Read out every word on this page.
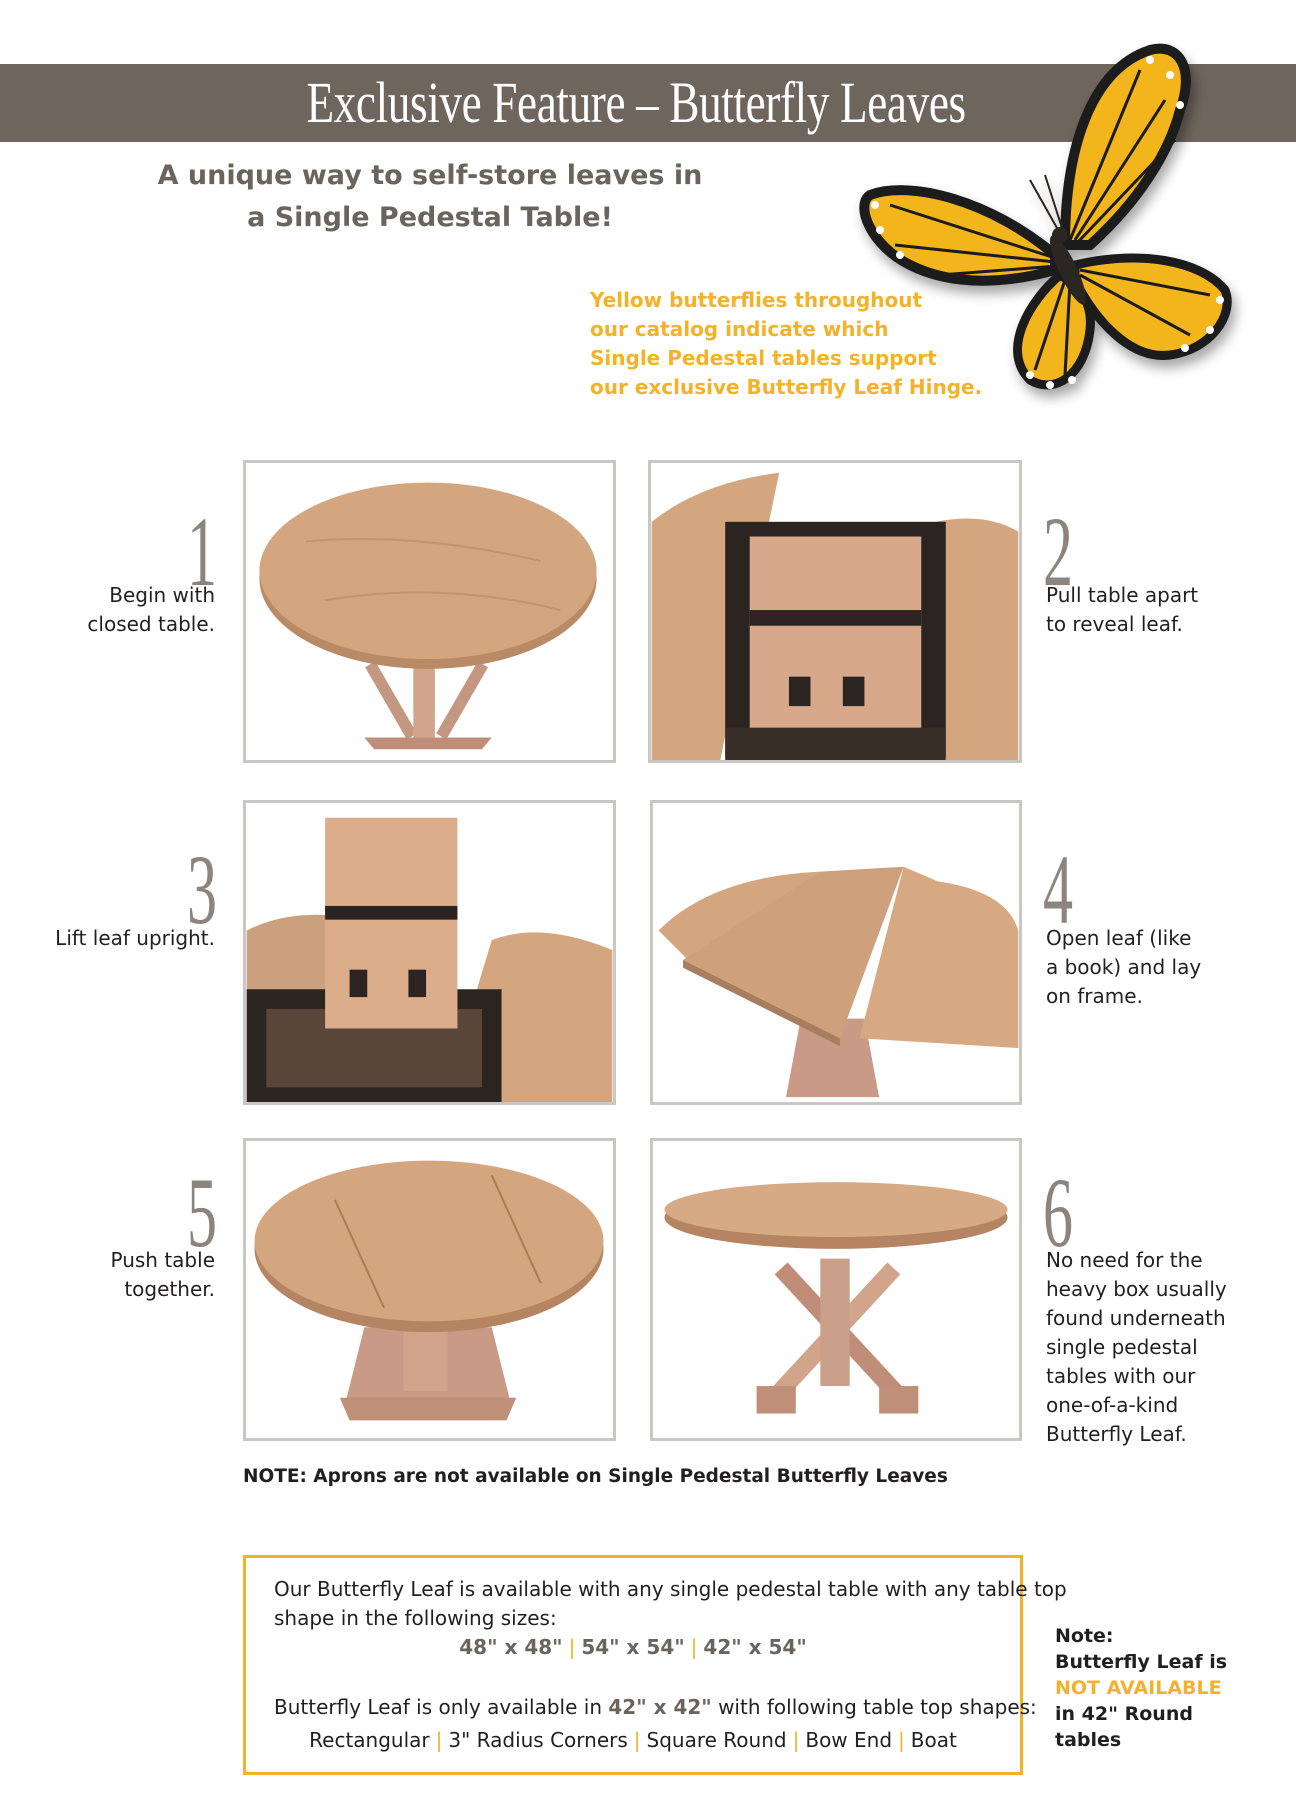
Exclusive Feature – Butterfly Leaves
A unique way to self-store leaves in
a Single Pedestal Table!
Yellow butterflies throughout
our catalog indicate which
Single Pedestal tables support
our exclusive Butterfly Leaf Hinge.
1
Begin with
closed table.
2
Pull table apart
to reveal leaf.
3
Lift leaf upright.	4
Open leaf (like
a book) and lay
on frame.
5
Push table
together.
6
No need for the
heavy box usually
found underneath
single pedestal
tables with our
one-of-a-kind
Butterfly Leaf.
NOTE: Aprons are not available on Single Pedestal Butterfly Leaves
Our Butterfly Leaf is available with any single pedestal table with any table top
shape in the following sizes:
48" x 48" | 54" x 54" | 42" x 54"
Butterfly Leaf is only available in 42" x 42" with following table top shapes:
Rectangular | 3" Radius Corners | Square Round | Bow End | Boat
Note:
Butterfly Leaf is
NOT AVAILABLE
in 42" Round
tables
